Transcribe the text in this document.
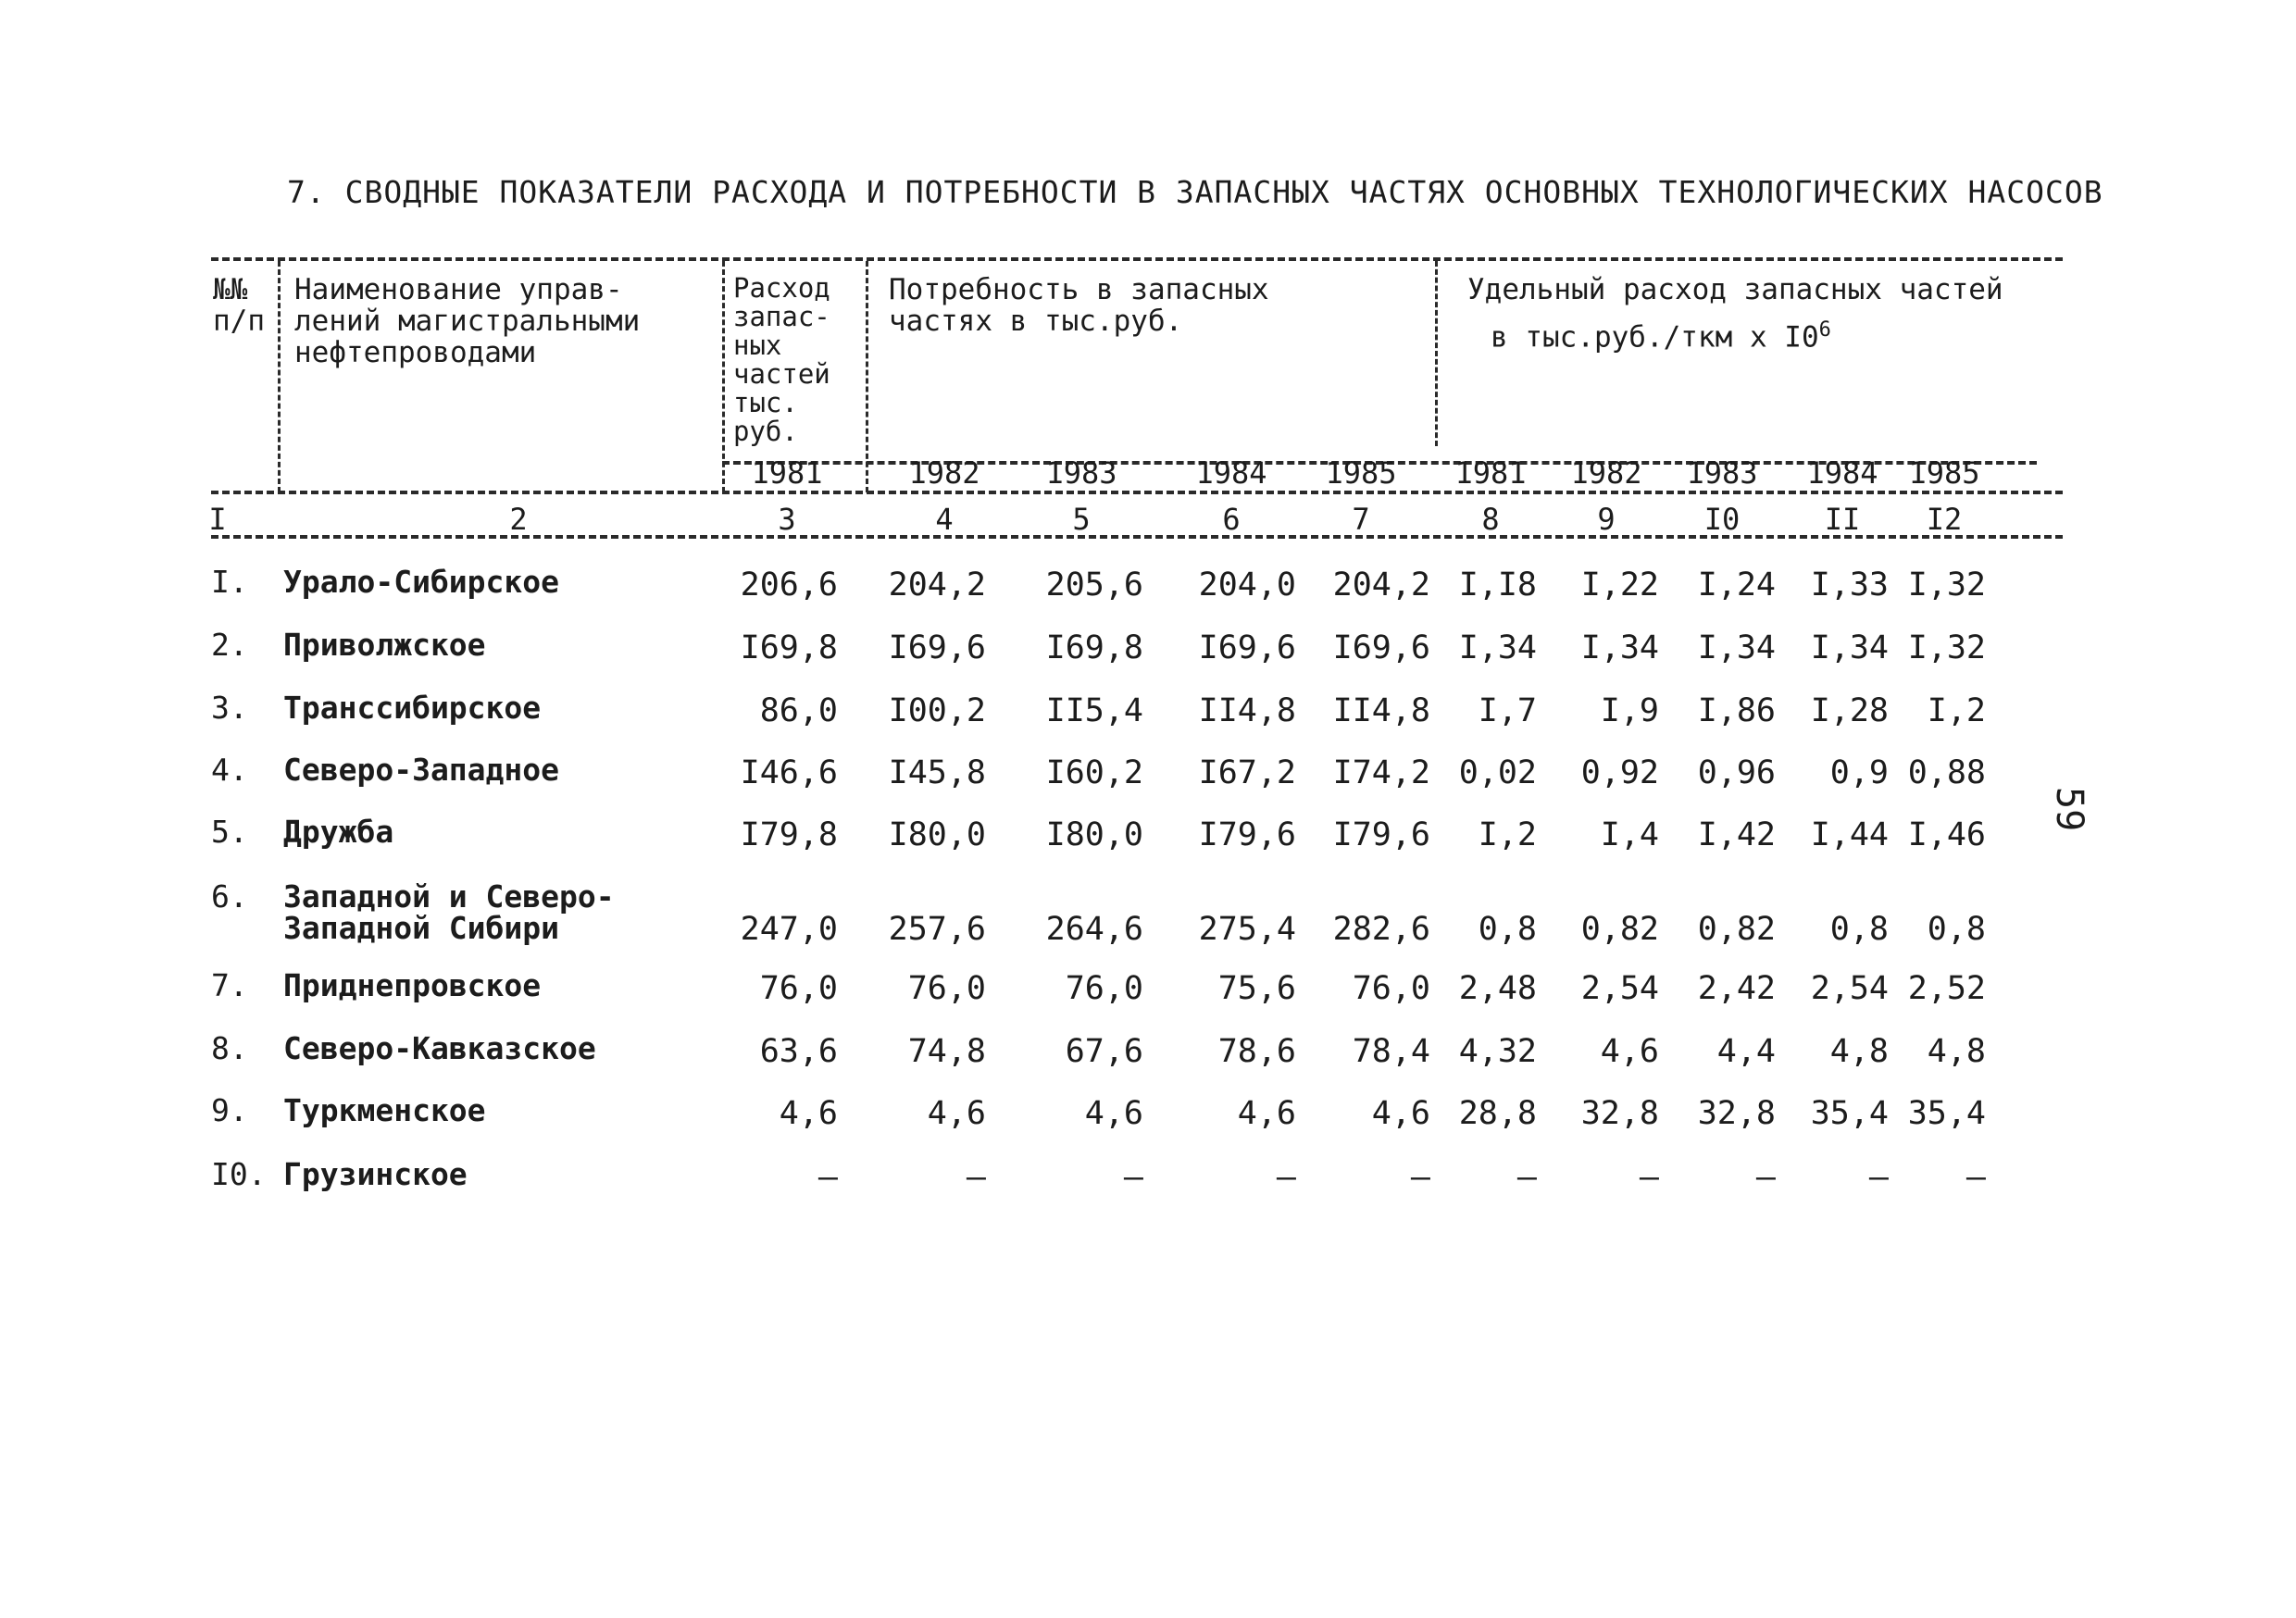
7. СВОДНЫЕ ПОКАЗАТЕЛИ РАСХОДА И ПОТРЕБНОСТИ В ЗАПАСНЫХ ЧАСТЯХ ОСНОВНЫХ ТЕХНОЛОГИЧЕСКИХ НАСОСОВ
59
№№
п/п
Наименование управ-
лений магистральными
нефтепроводами
Расход
запас-
ных
частей
тыс.
руб.
Потребность в запасных
частях в тыс.руб.
Удельный расход запасных частей
в тыс.руб./ткм х $I0^6$
1981	1982	1983	1984	1985	1981	1982	1983	1984	1985
I	2	3	4	5	6	7	8	9	I0	II	I2
I. Урало-Сибирское	206,6	204,2	205,6	204,0	204,2 I,I8	I,22	I,24	I,33 I,32
2. Приволжское	I69,8	I69,6	I69,8	I69,6	I69,6 I,34	I,34	I,34	I,34 I,32
3. Транссибирское	86,0	I00,2	II5,4	II4,8	II4,8	I,7	I,9	I,86	I,28	I,2
4. Северо-Западное	I46,6	I45,8	I60,2	I67,2	I74,2 0,02	0,92	0,96	0,9 0,88
5. Дружба	I79,8	I80,0	I80,0	I79,6	I79,6	I,2	I,4	I,42	I,44 I,46
6. Западной и Северо-
Западной Сибири	247,0	257,6	264,6	275,4	282,6	0,8	0,82	0,82	0,8	0,8
7. Приднепровское	76,0	76,0	76,0	75,6	76,0 2,48	2,54	2,42	2,54 2,52
8. Северо-Кавказское	63,6	74,8	67,6	78,6	78,4 4,32	4,6	4,4	4,8	4,8
9. Туркменское	4,6	4,6	4,6	4,6	4,6 28,8	32,8	32,8	35,4 35,4
I0. Грузинское	–	–	–	–	–	–	–	–	–	–
